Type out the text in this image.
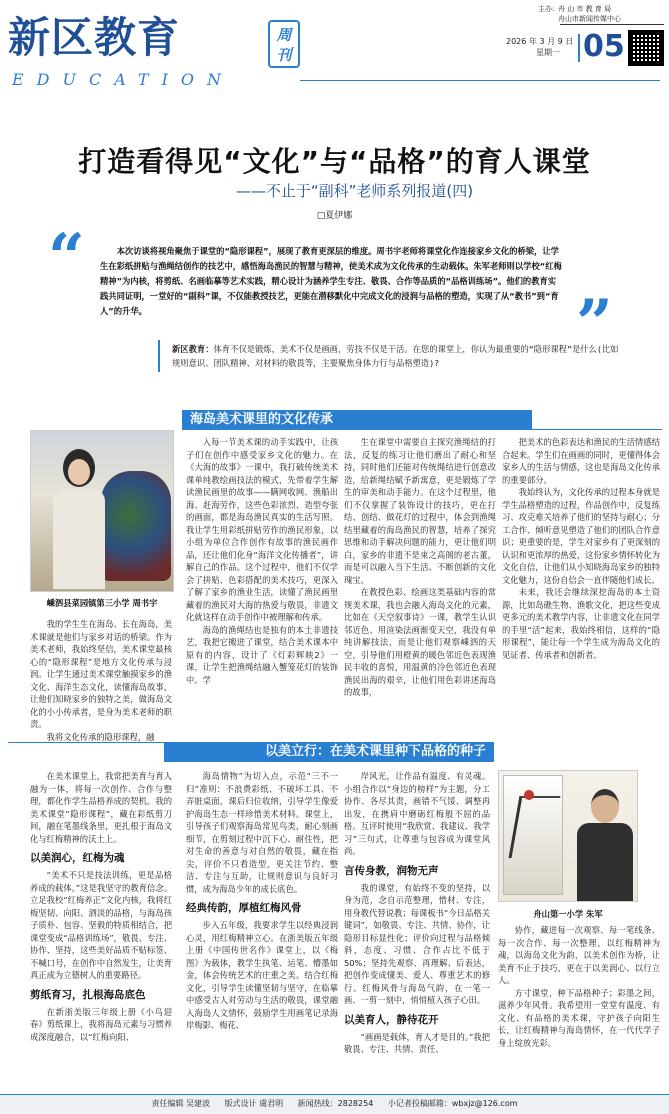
新区教育	周刊
EDUCATION
主办: 舟 山 市 教 育 局
舟山市新闻传媒中心
2026 年 3 月 9 日
星期一 05
打造看得见“文化”与“品格”的育人课堂
——不止于“副科”老师系列报道(四)
□夏伊娜
“	本次访谈将视角聚焦于课堂的“隐形课程”，展现了教育更深层的维度。周书宇老师将课堂化作连接家乡文化的桥梁，让学生在彩纸拼贴与渔绳结创作的技艺中，感悟海岛渔民的智慧与精神，使美术成为文化传承的生动载体。朱军老师则以学校“红梅精神”为内核，将剪纸、名画临摹等艺术实践，精心设计为涵养学生专注、敬畏、合作等品质的“品格训练场”。他们的教育实践共同证明，一堂好的“副科”课，不仅能教授技艺，更能在潜移默化中完成文化的浸润与品格的塑造，实现了从“教书”到“育人”的升华。	”
新区教育：体育不仅是锻炼，美术不仅是画画，劳技不仅是干活。在您的课堂上，你认为最重要的“隐形课程”是什么(比如规则意识、团队精神、对材料的敬畏等，主要聚焦身体力行与品格塑造)?
海岛美术课里的文化传承
嵊泗县菜园镇第三小学 周书宇

我的学生生在海岛、长在海岛，美术课就是他们与家乡对话的桥梁。作为美术老师，我始终坚信，美术课堂最核心的“隐形课程”是地方文化传承与浸润。让学生通过美术课堂触摸家乡的渔文化、海洋生态文化，读懂海岛故事，让他们知晓家乡的独特之美，做海岛文化的小小传承者，是身为美术老师的职责。

我将文化传承的隐形课程，融

入每一节美术课的动手实践中，让孩子们在创作中感受家乡文化的魅力。在《大海的故事》一课中，我打破传统美术课单纯教绘画技法的模式，先带着学生解读渔民画里的故事——瞒网收网、渔船出海、赶海劳作，这些色彩浓烈、造型夸张的画面，都是海岛渔民真实的生活写照。我让学生用彩纸拼贴劳作的渔民形象，以小组为单位合作创作有故事的渔民画作品，还让他们化身“海洋文化传播者”，讲解自己的作品。这个过程中，他们不仅学会了拼贴、色彩搭配的美术技巧，更深入了解了家乡的渔业生活，读懂了渔民画里藏着的渔民对大海的热爱与敬畏，非遗文化就这样在动手创作中被理解和传承。

海岛的渔绳结也是独有的本土非遗技艺，我把它搬进了课堂，结合美术课本中原有的内容，设计了《灯彩辉映2》一课，让学生把渔绳结融入蟹笼花灯的装饰中。学

生在课堂中需要自主探究渔绳结的打法，反复的练习让他们磨出了耐心和坚持，同时他们还能对传统绳结进行创意改造，给新绳结赋予新寓意，更是锻炼了学生的审美和动手能力。在这个过程里，他们不仅掌握了装饰设计的技巧，更在打结、创结、做花灯的过程中，体会到渔绳结里藏着的海岛渔民的智慧，培养了探究思维和动手解决问题的能力，更让他们明白，家乡的非遗不是束之高阁的老古董，而是可以融入当下生活、不断创新的文化瑰宝。

在教授色彩、绘画这类基础内容的常规美术课，我也会融入海岛文化的元素，比如在《天空叙事诗》一课，教学生认识邻近色、用渲染法画渐变天空，我没有单纯讲解技法，而是让他们观察嵊泗的天空，引导他们用橙黄的暖色邻近色表现渔民丰收的喜悦，用温黄的冷色邻近色表现渔民出海的艰辛，让他们用色彩讲述海岛的故事，

把美术的色彩表达和渔民的生活情感结合起来。学生们在画画的同时，更懂得体会家乡人的生活与情感，这也是海岛文化传承的重要部分。

我始终认为，文化传承的过程本身就是学生品格塑造的过程，作品创作中，反复练习、攻克难关培养了他们的坚持与耐心；分工合作、倾听意见塑造了他们的团队合作意识；更重要的是，学生对家乡有了更深刻的认识和更浓厚的热爱，这份家乡情怀转化为文化自信，让他们从小知晓海岛家乡的独特文化魅力，这份自信会一直伴随他们成长。

未来，我还会继续深挖海岛的本土资源，比如岛礁生物、渔歌文化，把这些变成更多元的美术教学内容，让非遗文化在同学的手里“活”起来，我始终相信，这样的“隐形课程”，能让每一个学生成为海岛文化的见证者、传承者和创新者。

以美立行：在美术课里种下品格的种子
舟山第一小学 朱军

在美术课堂上，我常把美育与育人融为一体，将每一次创作、合作与整理，都化作学生品格养成的契机。我的美术课堂“隐形课程”，藏在彩纸剪刀间，融在笔墨线条里，更扎根于海岛文化与红梅精神的沃土上。

以美润心，红梅为魂

“美术不只是技法训练，更是品格养成的载体。”这是我坚守的教育信念。立足我校“红梅养正”文化内核，我将红梅坚韧、向阳、洒淡的品格，与海岛孩子质朴、包容、坚毅的特质相结合，把课堂变成“品格训练场”，敬畏、专注、协作、坚持，这些美好品质不贴标签、不喊口号，在创作中自然发生，让美育真正成为立德树人的重要路径。

剪纸育习，扎根海岛底色

在新浙美版三年级上册《小鸟迎春》剪纸课上，我将海岛元素与习惯养成深度融合，以“红梅向阳、

海岛情物”为切入点，示范“三不一归”准则：不浪费彩纸、不破坏工具、不弄脏桌面，课后归位收纳，引导学生像爱护海岛生态一样珍惜美术材料。课堂上，引导孩子们观察海岛常见鸟类，耐心刻画细节，在剪刻过程中沉下心、耐住性，把对生命的善意与对自然的敬畏，藏在指尖，评价不只看造型，更关注节约、整洁、专注与互助，让规则意识与良好习惯，成为海岛少年的成长底色。

经典传韵，厚植红梅风骨

步入五年级，我要求学生以经典浸润心灵，用红梅精神立心。在浙美版五年级上册《中国传世名作》课堂上，以《梅图》为载体，教学生执笔、运笔、懵墨如金，体会传统艺术的庄重之美。结合红梅文化，引导学生读懂坚韧与坚守，在临摹中感受古人对劳动与生活的敬畏，课堂融入海岛人文情怀，鼓励学生用画笔记录海岸梅影、梅花、

岸风光，让作品有温度、有灵魂。小组合作以“身边的榜样”为主题，分工协作、各尽其责，画错不气馁、调整再出发，在携肩中磨砺红梅般不屈的品格。互评时使用“我欣赏、我建议、我学习”三句式，让尊重与包容成为课堂风尚。

言传身教，润物无声

我的课堂，有始终不变的坚持，以身为范，念自示范整理，惜材、专注，用身教代替说教；每课板书“今日品格关键词”，如敬畏、专注、共情、协作，让隐形目标显性化；评价向过程与品格倾斜，态度、习惯、合作占比不低于50%；坚持先观察、再理解、后表达，把创作变成懂美、爱人、尊重艺术的修行。红梅风骨与海岛气韵，在一笔一画、一剪一刻中，悄悄植入孩子心田。

以美育人，静待花开

“画画是载体，育人才是目的。”我把敬畏、专注、共情、责任、

协作，藏进每一次观察、每一笔线条、每一次合作、每一次整理，以红梅精神为魂，以海岛文化为韵，以美术创作为桥，让美育不止于技巧，更在于以美润心、以行立人。

方寸课堂，种下品格种子；彩墨之间，滋养少年风骨。我希望用一堂堂有温度、有文化、有品格的美术课，守护孩子向阳生长，让红梅精神与海岛情怀，在一代代学子身上绽放光彩。

责任编辑 吴建波 版式设计 虞君明 新闻热线：2828254 小记者投稿邮箱：wbxjz@126.com
